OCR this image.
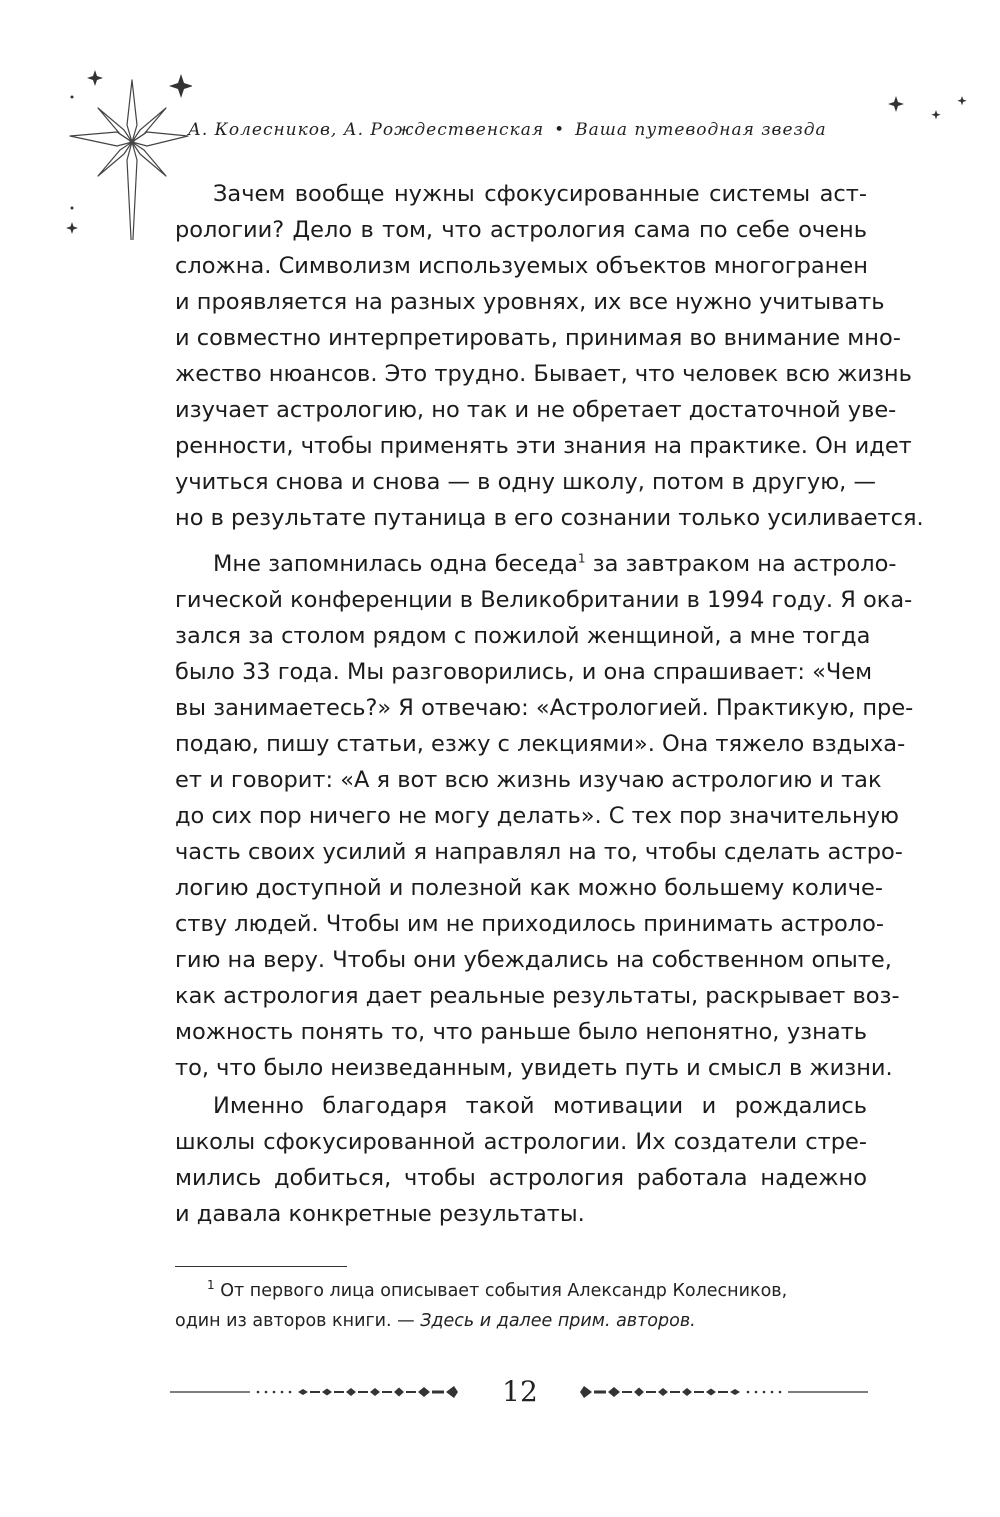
А. Колесников, А. Рождественская • Ваша путеводная звезда
Зачем вообще нужны сфокусированные системы аст-
рологии? Дело в том, что астрология сама по себе очень
сложна. Символизм используемых объектов многогранен
и проявляется на разных уровнях, их все нужно учитывать
и совместно интерпретировать, принимая во внимание мно-
жество нюансов. Это трудно. Бывает, что человек всю жизнь
изучает астрологию, но так и не обретает достаточной уве-
ренности, чтобы применять эти знания на практике. Он идет
учиться снова и снова — в одну школу, потом в другую, —
но в результате путаница в его сознании только усиливается.
Мне запомнилась одна беседа$^1$ за завтраком на астроло-
гической конференции в Великобритании в 1994 году. Я ока-
зался за столом рядом с пожилой женщиной, а мне тогда
было 33 года. Мы разговорились, и она спрашивает: «Чем
вы занимаетесь?» Я отвечаю: «Астрологией. Практикую, пре-
подаю, пишу статьи, езжу с лекциями». Она тяжело вздыха-
ет и говорит: «А я вот всю жизнь изучаю астрологию и так
до сих пор ничего не могу делать». С тех пор значительную
часть своих усилий я направлял на то, чтобы сделать астро-
логию доступной и полезной как можно большему количе-
ству людей. Чтобы им не приходилось принимать астроло-
гию на веру. Чтобы они убеждались на собственном опыте,
как астрология дает реальные результаты, раскрывает воз-
можность понять то, что раньше было непонятно, узнать
то, что было неизведанным, увидеть путь и смысл в жизни.
Именно благодаря такой мотивации и рождались
школы сфокусированной астрологии. Их создатели стре-
мились добиться, чтобы астрология работала надежно
и давала конкретные результаты.
$^1$ От первого лица описывает события Александр Колесников,
один из авторов книги. — Здесь и далее прим. авторов.
12
